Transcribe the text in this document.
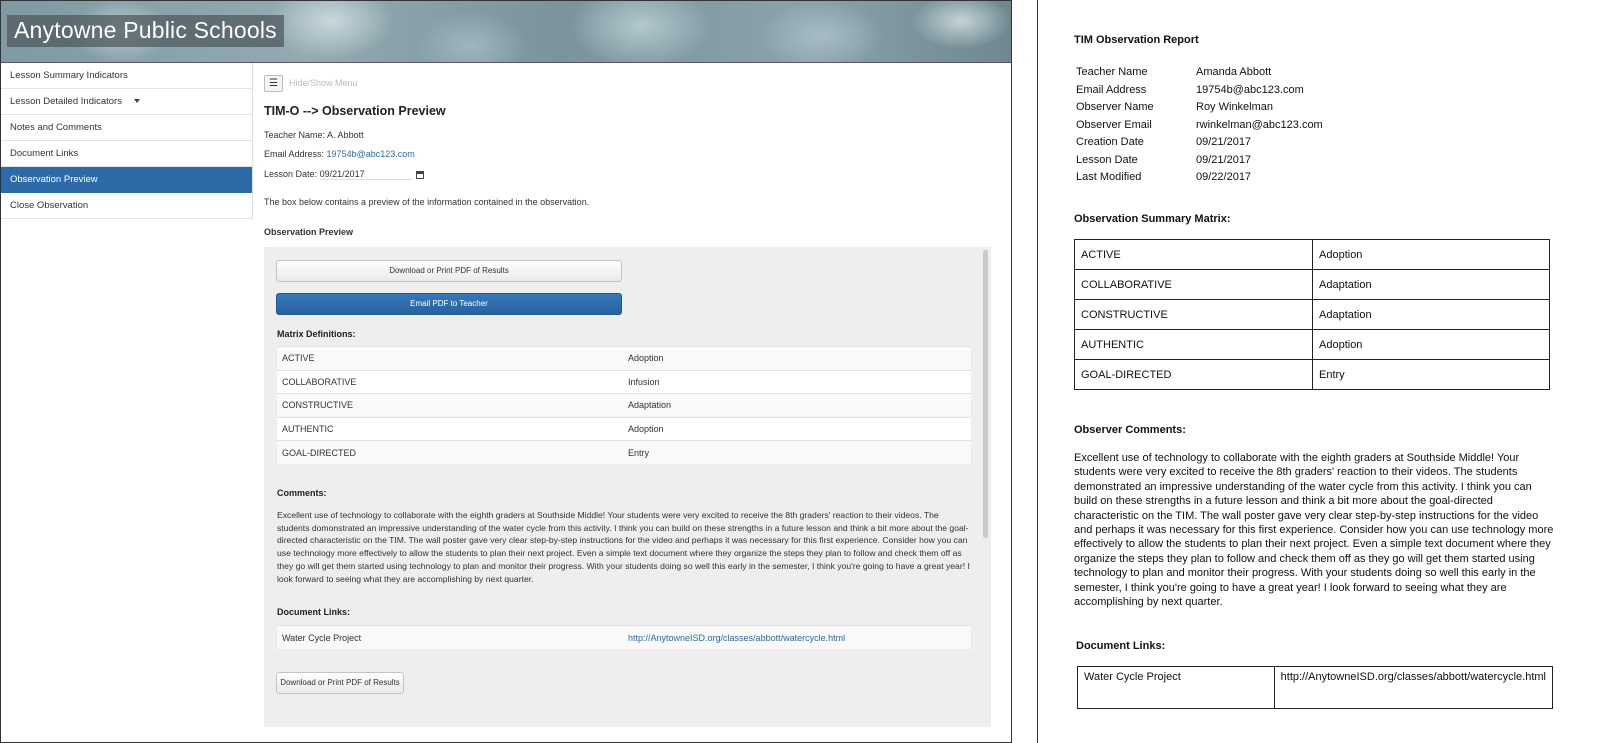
Anytowne Public Schools
Lesson Summary Indicators
Lesson Detailed Indicators
Notes and Comments
Document Links
Observation Preview
Close Observation
☰	Hide/Show Menu
TIM-O --> Observation Preview
Teacher Name: A. Abbott
Email Address: 19754b@abc123.com
Lesson Date: 09/21/2017
The box below contains a preview of the information contained in the observation.
Observation Preview
Download or Print PDF of Results
Email PDF to Teacher
Matrix Definitions:
ACTIVE	Adoption
COLLABORATIVE	Infusion
CONSTRUCTIVE	Adaptation
AUTHENTIC	Adoption
GOAL-DIRECTED	Entry
Comments:
Excellent use of technology to collaborate with the eighth graders at Southside Middle! Your students were very excited to receive the 8th graders' reaction to their videos. The students domonstrated an impressive understanding of the water cycle from this activity. I think you can build on these strengths in a future lesson and think a bit more about the goal-directed characteristic on the TIM. The wall poster gave very clear step-by-step instructions for the video and perhaps it was necessary for this first experience. Consider how you can use technology more effectively to allow the students to plan their next project. Even a simple text document where they organize the steps they plan to follow and check them off as they go will get them started using technology to plan and monitor their progress. With your students doing so well this early in the semester, I think you're going to have a great year! I look forward to seeing what they are accomplishing by next quarter.
Document Links:
Water Cycle Project	http://AnytowneISD.org/classes/abbott/watercycle.html
Download or Print PDF of Results
TIM Observation Report
Teacher Name	Amanda Abbott
Email Address	19754b@abc123.com
Observer Name	Roy Winkelman
Observer Email	rwinkelman@abc123.com
Creation Date	09/21/2017
Lesson Date	09/21/2017
Last Modified	09/22/2017
Observation Summary Matrix:
ACTIVE	Adoption
COLLABORATIVE	Adaptation
CONSTRUCTIVE	Adaptation
AUTHENTIC	Adoption
GOAL-DIRECTED	Entry
Observer Comments:
Excellent use of technology to collaborate with the eighth graders at Southside Middle! Your students were very excited to receive the 8th graders' reaction to their videos. The students demonstrated an impressive understanding of the water cycle from this activity. I think you can build on these strengths in a future lesson and think a bit more about the goal-directed characteristic on the TIM. The wall poster gave very clear step-by-step instructions for the video and perhaps it was necessary for this first experience. Consider how you can use technology more effectively to allow the students to plan their next project. Even a simple text document where they organize the steps they plan to follow and check them off as they go will get them started using technology to plan and monitor their progress. With your students doing so well this early in the semester, I think you're going to have a great year! I look forward to seeing what they are accomplishing by next quarter.
Document Links:
Water Cycle Project	http://AnytowneISD.org/classes/abbott/watercycle.html
